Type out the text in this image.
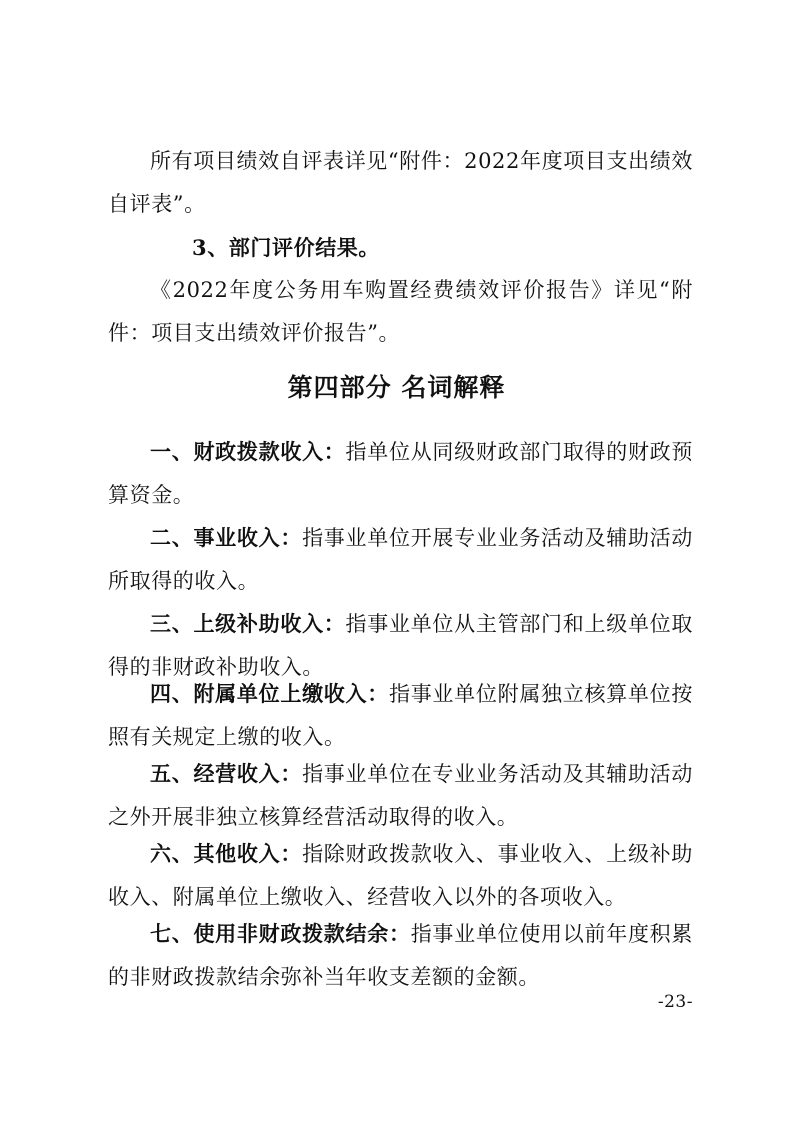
所有项目绩效自评表详见“附件：2022年度项目支出绩效自评表”。

3、部门评价结果。

《2022年度公务用车购置经费绩效评价报告》详见“附件：项目支出绩效评价报告”。

第四部分 名词解释

一、财政拨款收入：指单位从同级财政部门取得的财政预算资金。

二、事业收入：指事业单位开展专业业务活动及辅助活动所取得的收入。

三、上级补助收入：指事业单位从主管部门和上级单位取得的非财政补助收入。

四、附属单位上缴收入：指事业单位附属独立核算单位按照有关规定上缴的收入。

五、经营收入：指事业单位在专业业务活动及其辅助活动之外开展非独立核算经营活动取得的收入。

六、其他收入：指除财政拨款收入、事业收入、上级补助收入、附属单位上缴收入、经营收入以外的各项收入。

七、使用非财政拨款结余：指事业单位使用以前年度积累的非财政拨款结余弥补当年收支差额的金额。

-23-
